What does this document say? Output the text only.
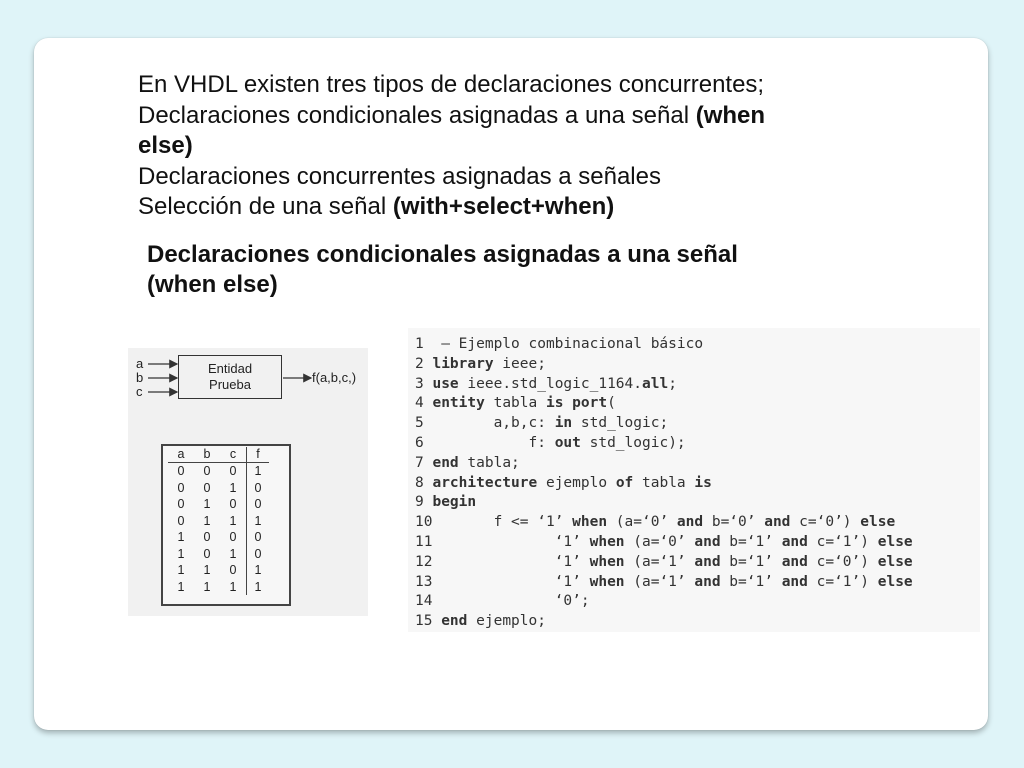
En VHDL existen tres tipos de declaraciones concurrentes;
Declaraciones condicionales asignadas a una señal (when
else)
Declaraciones concurrentes asignadas a señales
Selección de una señal (with+select+when)
Declaraciones condicionales asignadas a una señal
(when else)
a
b
c
Entidad
Prueba	f(a,b,c,)
a	b	c	f
0	0	0	1
0	0	1	0
0	1	0	0
0	1	1	1
1	0	0	0
1	0	1	0
1	1	0	1
1	1	1	1
1  — Ejemplo combinacional básico
2 library ieee;
3 use ieee.std_logic_1164.all;
4 entity tabla is port(
5        a,b,c: in std_logic;
6            f: out std_logic);
7 end tabla;
8 architecture ejemplo of tabla is
9 begin
10       f <= ‘1’ when (a=‘0’ and b=‘0’ and c=‘0’) else
11              ‘1’ when (a=‘0’ and b=‘1’ and c=‘1’) else
12              ‘1’ when (a=‘1’ and b=‘1’ and c=‘0’) else
13              ‘1’ when (a=‘1’ and b=‘1’ and c=‘1’) else
14              ‘0’;
15 end ejemplo;
